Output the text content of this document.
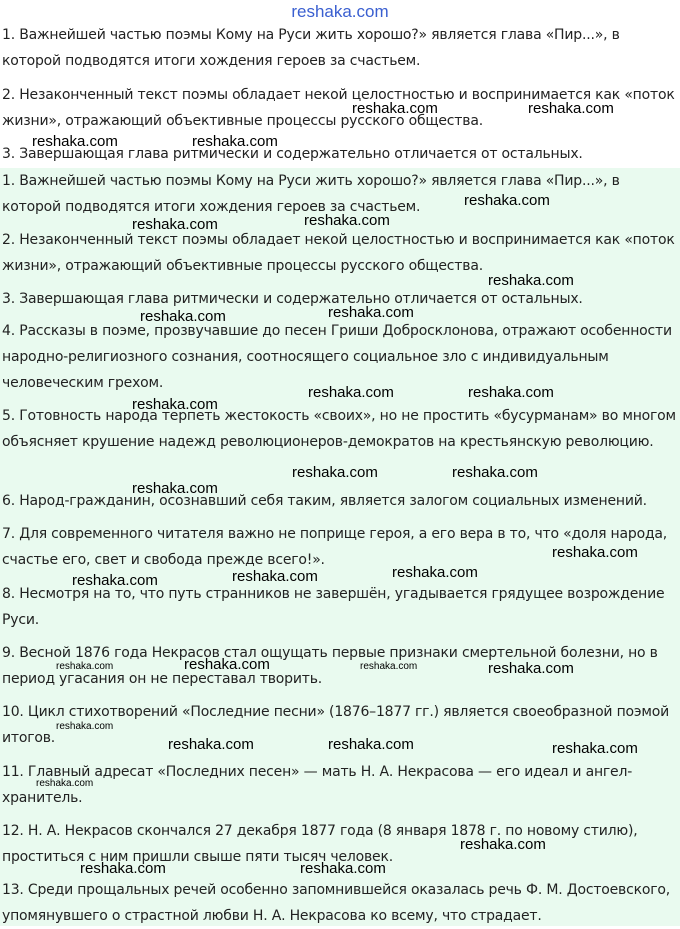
reshaka.com

1. Важнейшей частью поэмы Кому на Руси жить хорошо?» является глава «Пир...», в которой подводятся итоги хождения героев за счастьем.

2. Незаконченный текст поэмы обладает некой целостностью и воспринимается как «поток жизни», отражающий объективные процессы русского общества.

3. Завершающая глава ритмически и содержательно отличается от остальных.

1. Важнейшей частью поэмы Кому на Руси жить хорошо?» является глава «Пир...», в которой подводятся итоги хождения героев за счастьем.

2. Незаконченный текст поэмы обладает некой целостностью и воспринимается как «поток жизни», отражающий объективные процессы русского общества.

3. Завершающая глава ритмически и содержательно отличается от остальных.

4. Рассказы в поэме, прозвучавшие до песен Гриши Добросклонова, отражают особенности народно-религиозного сознания, соотносящего социальное зло с индивидуальным человеческим грехом.

5. Готовность народа терпеть жестокость «своих», но не простить «бусурманам» во многом объясняет крушение надежд революционеров-демократов на крестьянскую революцию.

6. Народ-гражданин, осознавший себя таким, является залогом социальных изменений.

7. Для современного читателя важно не поприще героя, а его вера в то, что «доля народа, счастье его, свет и свобода прежде всего!».

8. Несмотря на то, что путь странников не завершён, угадывается грядущее возрождение Руси.

9. Весной 1876 года Некрасов стал ощущать первые признаки смертельной болезни, но в период угасания он не переставал творить.

10. Цикл стихотворений «Последние песни» (1876–1877 гг.) является своеобразной поэмой итогов.

11. Главный адресат «Последних песен» — мать Н. А. Некрасова — его идеал и ангел-хранитель.

12. Н. А. Некрасов скончался 27 декабря 1877 года (8 января 1878 г. по новому стилю), проститься с ним пришли свыше пяти тысяч человек.

13. Среди прощальных речей особенно запомнившейся оказалась речь Ф. М. Достоевского, упомянувшего о страстной любви Н. А. Некрасова ко всему, что страдает.

reshaka.com	reshaka.com
reshaka.com	reshaka.com
reshaka.com
reshaka.com
reshaka.com
reshaka.com
reshaka.com
reshaka.com
reshaka.com	reshaka.com
reshaka.com
reshaka.com	reshaka.com
reshaka.com
reshaka.com
reshaka.com
reshaka.com	reshaka.com
reshaka.com	reshaka.com	reshaka.com	reshaka.com
reshaka.com
reshaka.com	reshaka.com	reshaka.com
reshaka.com
reshaka.com
reshaka.com	reshaka.com
